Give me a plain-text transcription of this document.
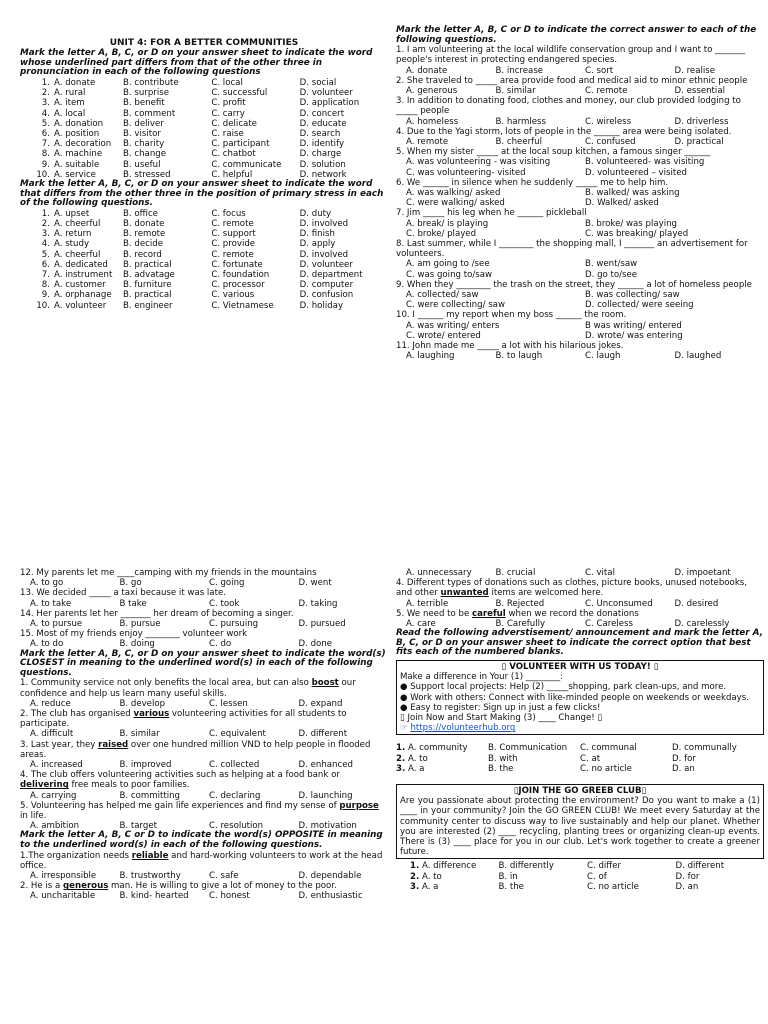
UNIT 4: FOR A BETTER COMMUNITIES
Mark the letter A, B, C, or D on your answer sheet to indicate the word whose underlined part differs from that of the other three in pronunciation in each of the following questions
1. A. donate	B. contribute	C. local	D. social
2. A. rural	B. surprise	C. successful	D. volunteer
3. A. item	B. benefit	C. profit	D. application
4. A. local	B. comment	C. carry	D. concert
5. A. donation	B. deliver	C. delicate	D. educate
6. A. position	B. visitor	C. raise	D. search
7. A. decoration	B. charity	C. participant	D. identify
8. A. machine	B. change	C. chatbot	D. charge
9. A. suitable	B. useful	C. communicate	D. solution
10. A. service	B. stressed	C. helpful	D. network
Mark the letter A, B, C, or D on your answer sheet to indicate the word that differs from the other three in the position of primary stress in each of the following questions.
1. A. upset	B. office	C. focus	D. duty
2. A. cheerful	B. donate	C. remote	D. involved
3. A. return	B. remote	C. support	D. finish
4. A. study	B. decide	C. provide	D. apply
5. A. cheerful	B. record	C. remote	D. involved
6. A. dedicated	B. practical	C. fortunate	D. volunteer
7. A. instrument	B. advatage	C. foundation	D. department
8. A. customer	B. furniture	C. processor	D. computer
9. A. orphanage	B. practical	C. various	D. confusion
10. A. volunteer	B. engineer	C. Vietnamese	D. holiday
Mark the letter A, B, C or D to indicate the correct answer to each of the following questions.
1. I am volunteering at the local wildlife conservation group and I want to _______ people's interest in protecting endangered species.
A. donate	B. increase	C. sort	D. realise
2. She traveled to _____ area provide food and medical aid to minor ethnic people
A. generous	B. similar	C. remote	D. essential
3. In addition to donating food, clothes and money, our club provided lodging to _____ people
A. homeless	B. harmless	C. wireless	D. driverless
4. Due to the Yagi storm, lots of people in the ______ area were being isolated.
A. remote	B. cheerful	C. confused	D. practical
5. When my sister _____ at the local soup kitchen, a famous singer ______
A. was volunteering - was visiting	B. volunteered- was visiting
C. was volunteering- visited	D. volunteered – visited
6. We ______ in silence when he suddenly _____ me to help him.
A. was walking/ asked	B. walked/ was asking
C. were walking/ asked	D. Walked/ asked
7. Jim _____ his leg when he ______ pickleball
A. break/ is playing	B. broke/ was playing
C. broke/ played	C. was breaking/ played
8. Last summer, while I ________ the shopping mall, I _______ an advertisement for volunteers.
A. am going to /see	B. went/saw
C. was going to/saw	D. go to/see
9. When they ________ the trash on the street, they ______ a lot of homeless people
A. collected/ saw	B. was collecting/ saw
C. were collecting/ saw	D. collected/ were seeing
10. I ______ my report when my boss ______ the room.
A. was writing/ enters	B was writing/ entered
C. wrote/ entered	D. wrote/ was entering
11. John made me _____ a lot with his hilarious jokes.
A. laughing	B. to laugh	C. laugh	D. laughed
12. My parents let me ____camping with my friends in the mountains
A. to go	B. go	C. going	D. went
13. We decided _____ a taxi because it was late.
A. to take	B take	C. took	D. taking
14. Her parents let her _______ her dream of becoming a singer.
A. to pursue	B. pursue	C. pursuing	D. pursued
15. Most of my friends enjoy ________ volunteer work
A. to do	B. doing	C. do	D. done
Mark the letter A, B, C, or D on your answer sheet to indicate the word(s) CLOSEST in meaning to the underlined word(s) in each of the following questions.
1. Community service not only benefits the local area, but can also boost our confidence and help us learn many useful skills.
A. reduce	B. develop	C. lessen	D. expand
2. The club has organised various volunteering activities for all students to participate.
A. difficult	B. similar	C. equivalent	D. different
3. Last year, they raised over one hundred million VND to help people in flooded areas.
A. increased	B. improved	C. collected	D. enhanced
4. The club offers volunteering activities such as helping at a food bank or delivering free meals to poor families.
A. carrying	B. committing	C. declaring	D. launching
5. Volunteering has helped me gain life experiences and find my sense of purpose in life.
A. ambition	B. target	C. resolution	D. motivation
Mark the letter A, B, C or D to indicate the word(s) OPPOSITE in meaning to the underlined word(s) in each of the following questions.
1.The organization needs reliable and hard-working volunteers to work at the head office.
A. irresponsible	B. trustworthy	C. safe	D. dependable
2. He is a generous man. He is willing to give a lot of money to the poor.
A. uncharitable	B. kind- hearted	C. honest	D. enthusiastic
A. unnecessary	B. crucial	C. vital	D. impoetant
4. Different types of donations such as clothes, picture books, unused notebooks, and other unwanted items are welcomed here.
A. terrible	B. Rejected	C. Unconsumed	D. desired
5. We need to be careful when we record the donations
A. care	B. Carefully	C. Careless	D. carelessly
Read the following adverstisement/ announcement and mark the letter A, B, C, or D on your answer sheet to indicate the correct option that best fits each of the numbered blanks.
▯ VOLUNTEER WITH US TODAY! ▯
Make a difference in Your (1) ________:
● Support local projects: Help (2) _____shopping, park clean-ups, and more.
● Work with others: Connect with like-minded people on weekends or weekdays.
● Easy to register: Sign up in just a few clicks!
▯ Join Now and Start Making (3) ____ Change! ▯
☞ https://volunteerhub.org
1. A. community	B. Communication	C. communal	D. communally
2. A. to	B. with	C. at	D. for
3. A. a	B. the	C. no article	D. an
▯JOIN THE GO GREEB CLUB▯
Are you passionate about protecting the environment? Do you want to make a (1) ____ in your community? Join the GO GREEN CLUB! We meet every Saturday at the community center to discuss way to live sustainably and help our planet. Whether you are interested (2) ____ recycling, planting trees or organizing clean-up events. There is (3) ____ place for you in our club. Let's work together to create a greener future.
1. A. difference	B. differently	C. differ	D. different
2. A. to	B. in	C. of	D. for
3. A. a	B. the	C. no article	D. an
